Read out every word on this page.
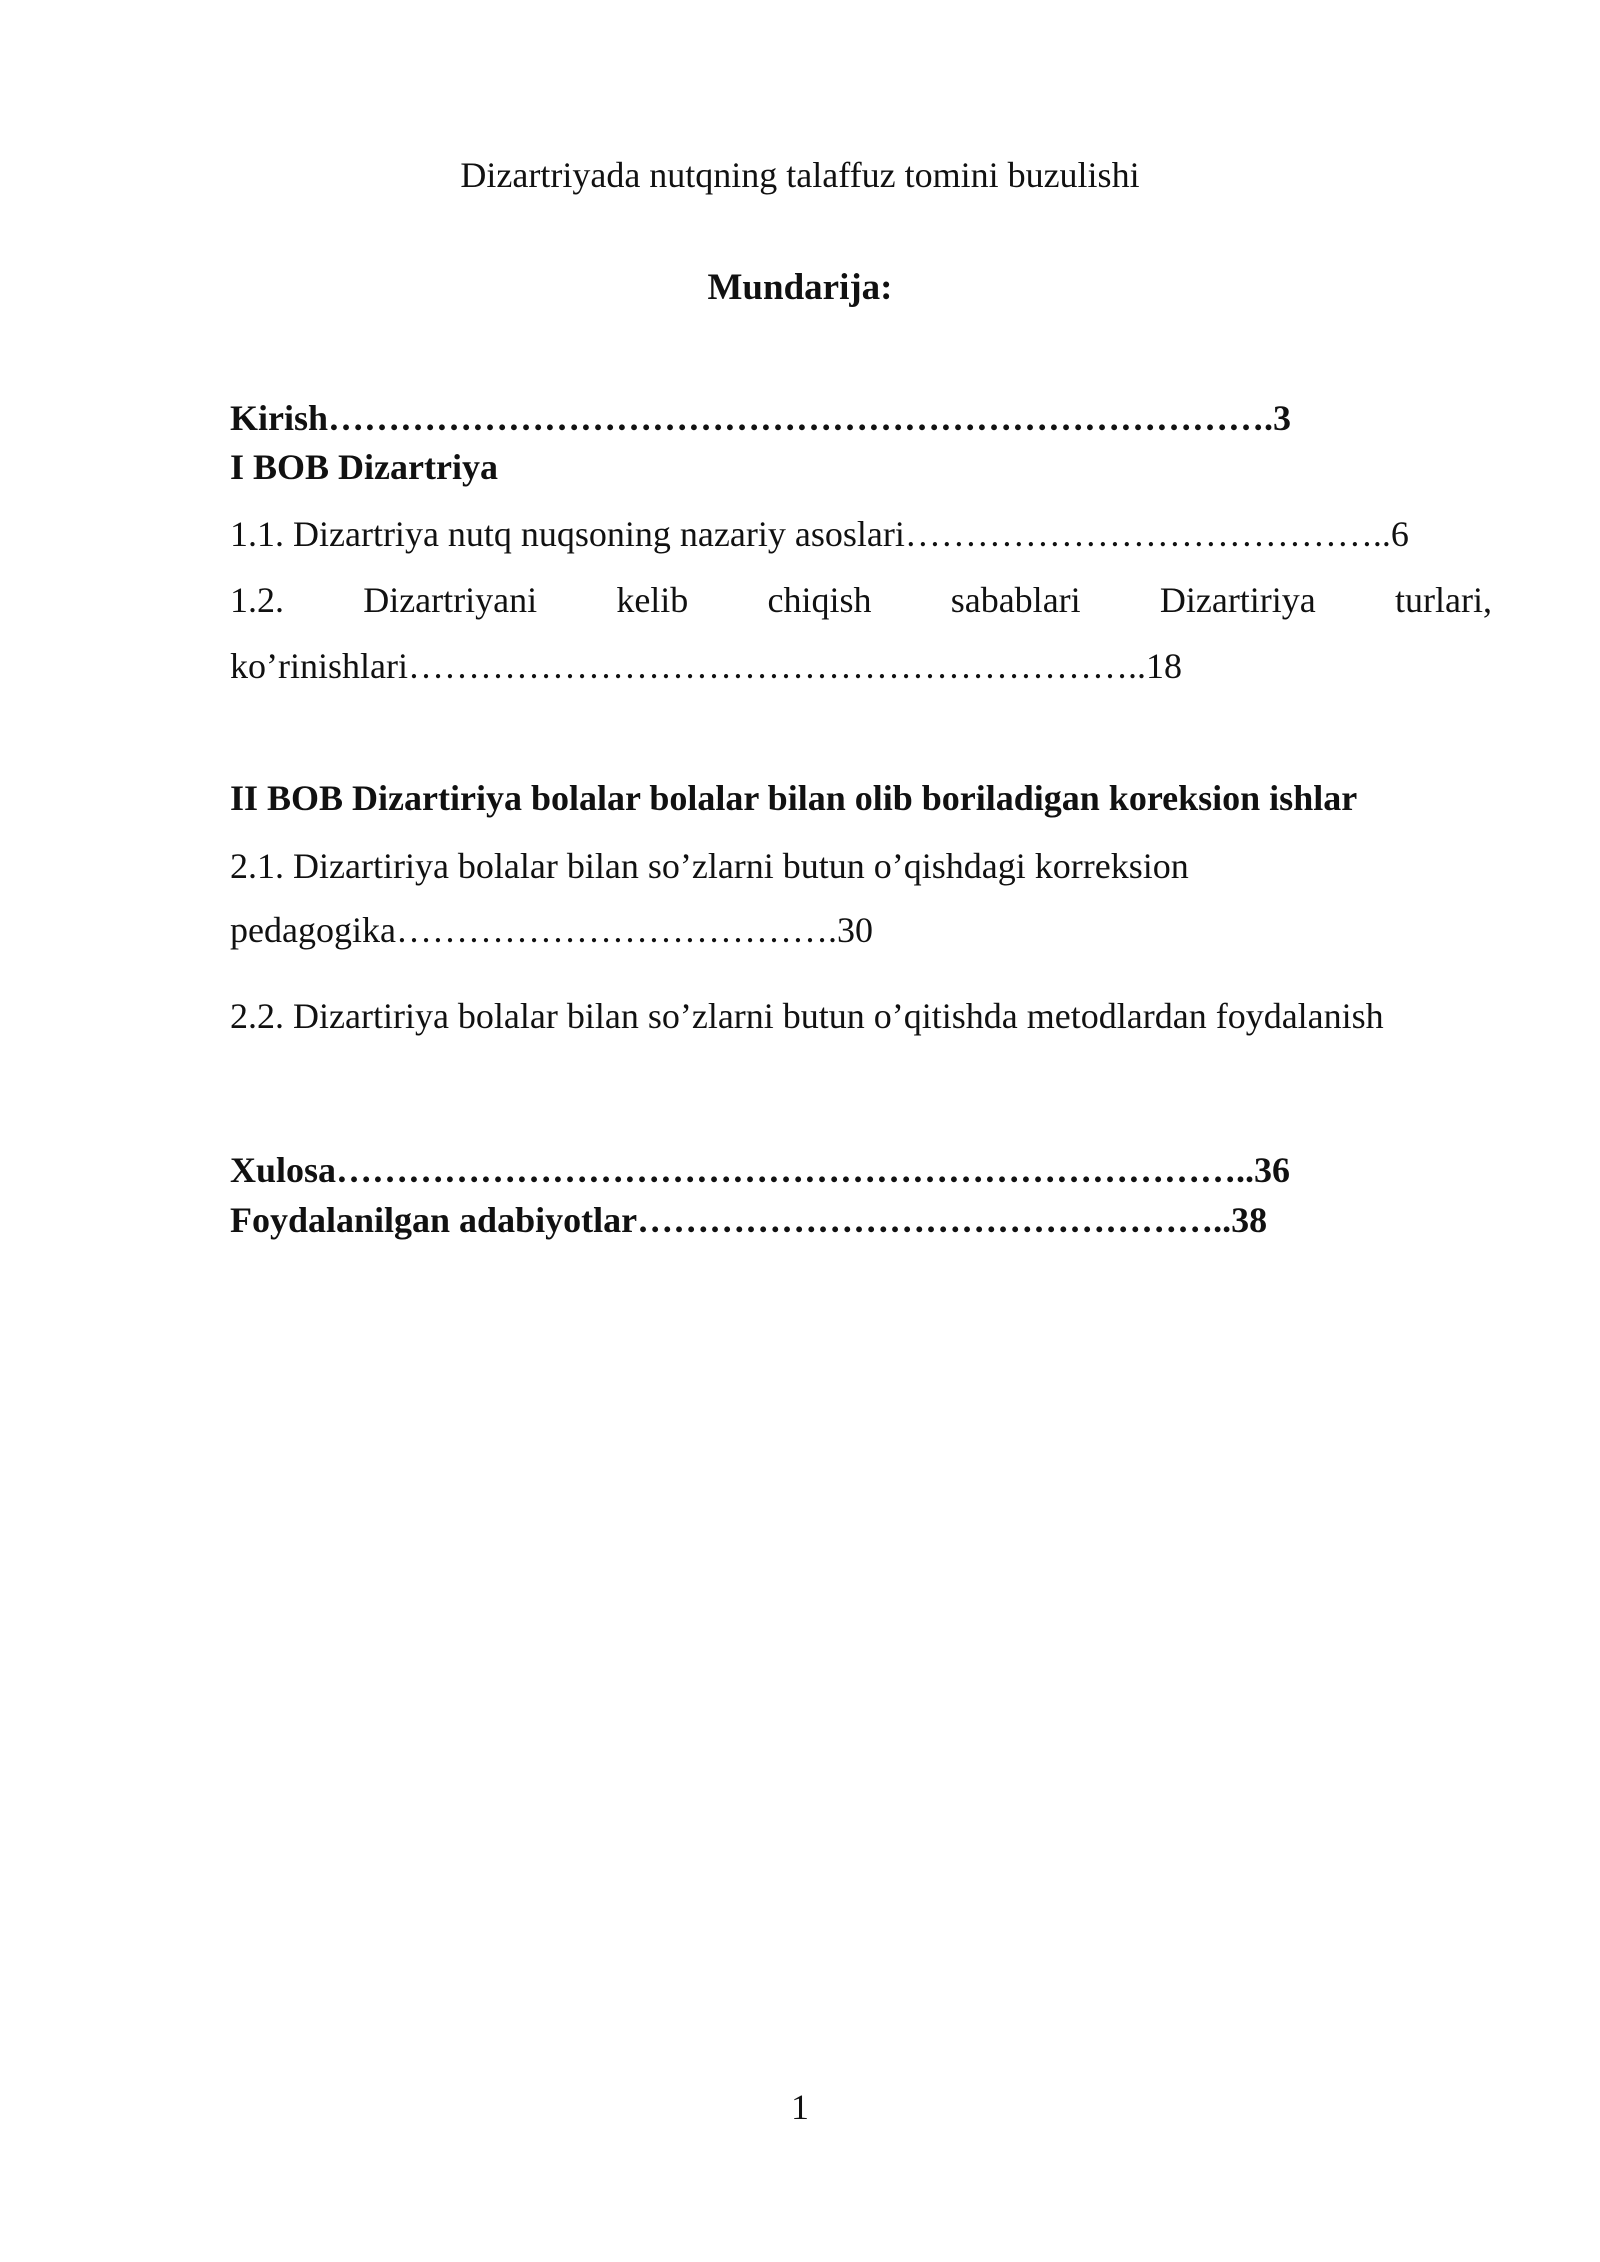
Dizartriyada nutqning talaffuz tomini buzulishi
Mundarija:
Kirish…………………………………………………………………….3
I BOB Dizartriya
1.1. Dizartriya nutq nuqsoning nazariy asoslari…………………………………..6
1.2. Dizartriyani kelib chiqish sabablari Dizartiriya turlari,
ko’rinishlari……………………………………………………..18
II BOB Dizartiriya bolalar bolalar bilan olib boriladigan koreksion ishlar
2.1. Dizartiriya bolalar bilan so’zlarni butun o’qishdagi korreksion
pedagogika……………………………….30
2.2. Dizartiriya bolalar bilan so’zlarni butun o’qitishda metodlardan foydalanish
Xulosa…………………………………………………………………..36
Foydalanilgan adabiyotlar…………………………………………..38
1
